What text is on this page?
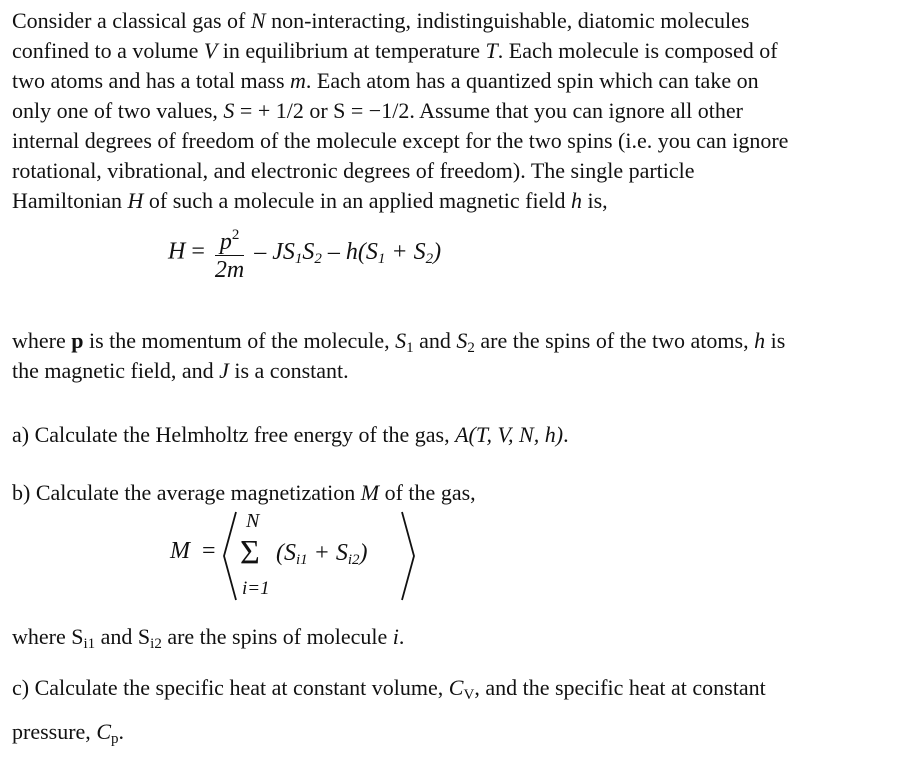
Consider a classical gas of N non-interacting, indistinguishable, diatomic molecules
confined to a volume V in equilibrium at temperature T. Each molecule is composed of
two atoms and has a total mass m. Each atom has a quantized spin which can take on
only one of two values, S = + 1/2 or S = −1/2. Assume that you can ignore all other
internal degrees of freedom of the molecule except for the two spins (i.e. you can ignore
rotational, vibrational, and electronic degrees of freedom). The single particle
Hamiltonian H of such a molecule in an applied magnetic field h is,
$H = \frac{p^2}{2m} - JS_1S_2 - h(S_1 + S_2)$
where p is the momentum of the molecule, $S_1$ and $S_2$ are the spins of the two atoms, h is
the magnetic field, and J is a constant.
a) Calculate the Helmholtz free energy of the gas, A(T, V, N, h).
b) Calculate the average magnetization M of the gas,
M =
N
Σ
i=1
$(S_{i1} + S_{i2})$
where $S_{i1}$ and $S_{i2}$ are the spins of molecule i.
c) Calculate the specific heat at constant volume, $C_V$, and the specific heat at constant
pressure, $C_p$.
